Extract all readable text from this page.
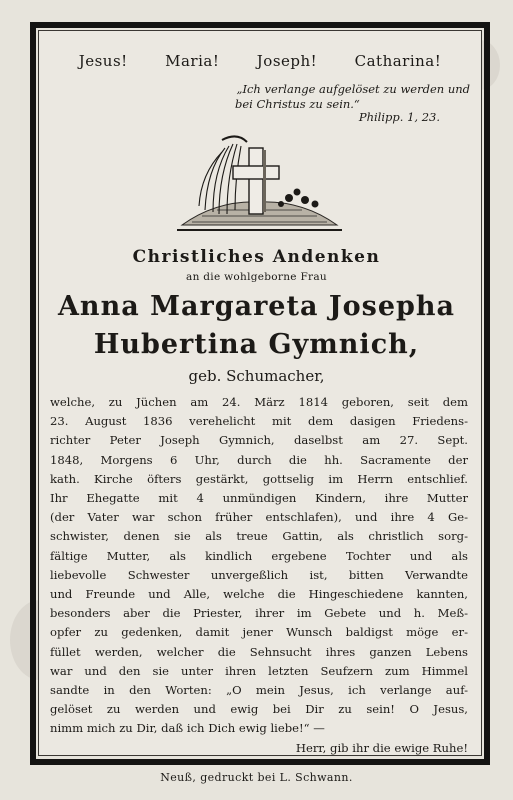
Jesus! Maria! Joseph! Catharina!
„Ich verlange aufgelöset zu werden und
bei Christus zu sein.“
Philipp. 1, 23.
Christliches Andenken
an die wohlgeborne Frau
Anna Margareta Josepha
Hubertina Gymnich,
geb. Schumacher,
welche, zu Jüchen am 24. März 1814 geboren, seit dem
23. August 1836 verehelicht mit dem dasigen Friedens-
richter Peter Joseph Gymnich, daselbst am 27. Sept.
1848, Morgens 6 Uhr, durch die hh. Sacramente der
kath. Kirche öfters gestärkt, gottselig im Herrn entschlief.
Ihr Ehegatte mit 4 unmündigen Kindern, ihre Mutter
(der Vater war schon früher entschlafen), und ihre 4 Ge-
schwister, denen sie als treue Gattin, als christlich sorg-
fältige Mutter, als kindlich ergebene Tochter und als
liebevolle Schwester unvergeßlich ist, bitten Verwandte
und Freunde und Alle, welche die Hingeschiedene kannten,
besonders aber die Priester, ihrer im Gebete und h. Meß-
opfer zu gedenken, damit jener Wunsch baldigst möge er-
füllet werden, welcher die Sehnsucht ihres ganzen Lebens
war und den sie unter ihren letzten Seufzern zum Himmel
sandte in den Worten: „O mein Jesus, ich verlange auf-
gelöset zu werden und ewig bei Dir zu sein! O Jesus,
nimm mich zu Dir, daß ich Dich ewig liebe!“ —
Herr, gib ihr die ewige Ruhe!
Neuß, gedruckt bei L. Schwann.
